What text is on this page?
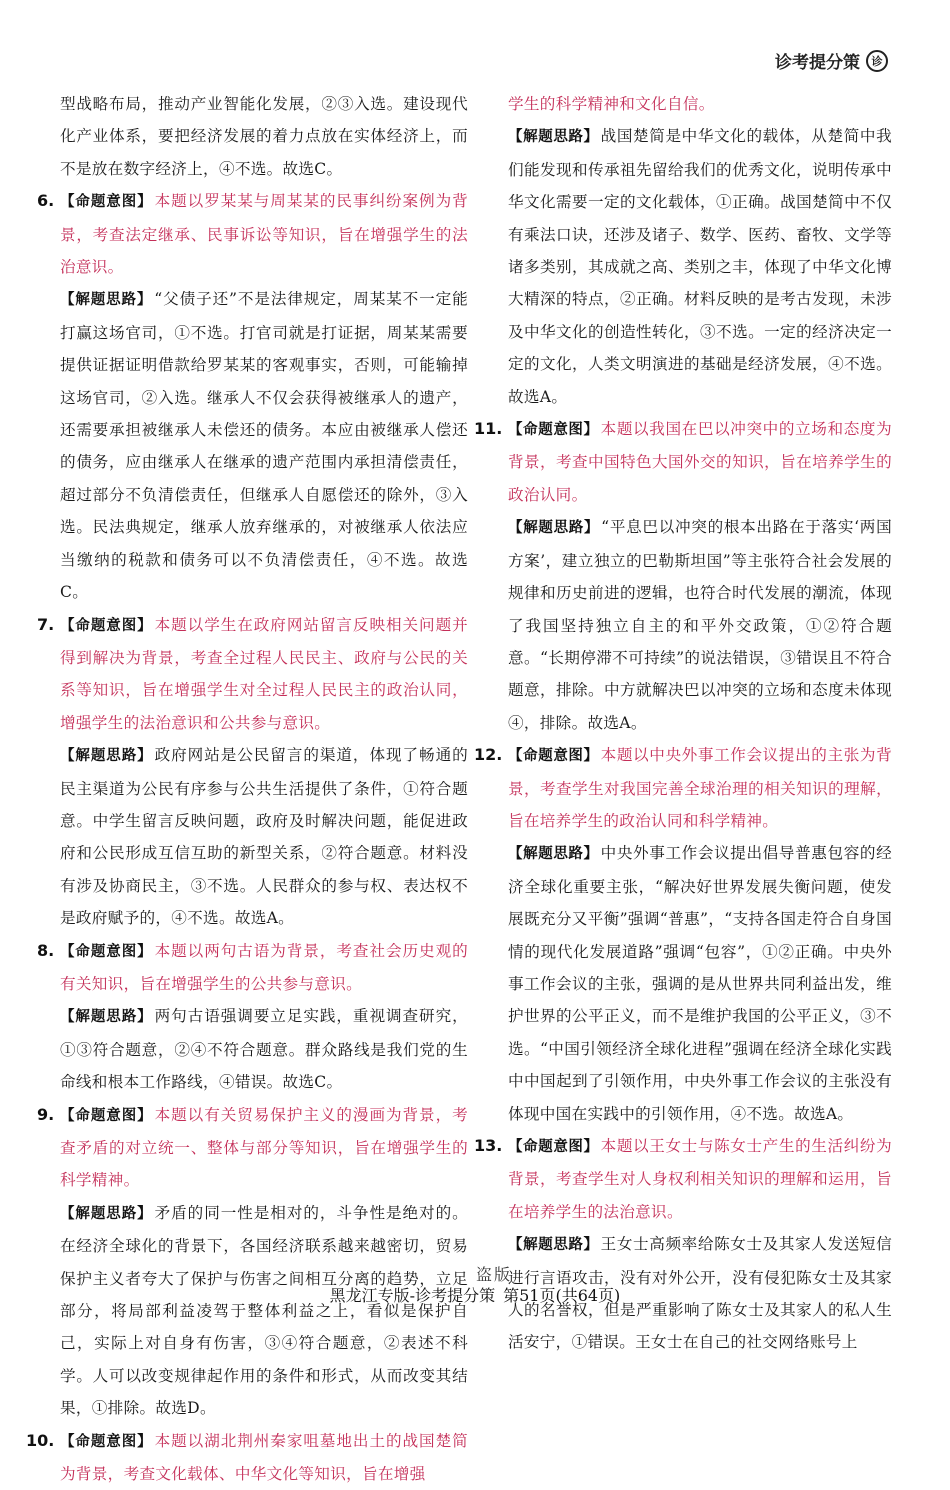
诊考提分策	诊

型战略布局，推动产业智能化发展，②③入选。建设现代化产业体系，要把经济发展的着力点放在实体经济上，而不是放在数字经济上，④不选。故选C。

6. 【命题意图】 本题以罗某某与周某某的民事纠纷案例为背景，考查法定继承、民事诉讼等知识，旨在增强学生的法治意识。

【解题思路】 “父债子还”不是法律规定，周某某不一定能打赢这场官司，①不选。打官司就是打证据，周某某需要提供证据证明借款给罗某某的客观事实，否则，可能输掉这场官司，②入选。继承人不仅会获得被继承人的遗产，还需要承担被继承人未偿还的债务。本应由被继承人偿还的债务，应由继承人在继承的遗产范围内承担清偿责任，超过部分不负清偿责任，但继承人自愿偿还的除外，③入选。民法典规定，继承人放弃继承的，对被继承人依法应当缴纳的税款和债务可以不负清偿责任，④不选。故选C。

7. 【命题意图】 本题以学生在政府网站留言反映相关问题并得到解决为背景，考查全过程人民民主、政府与公民的关系等知识，旨在增强学生对全过程人民民主的政治认同，增强学生的法治意识和公共参与意识。

【解题思路】 政府网站是公民留言的渠道，体现了畅通的民主渠道为公民有序参与公共生活提供了条件，①符合题意。中学生留言反映问题，政府及时解决问题，能促进政府和公民形成互信互助的新型关系，②符合题意。材料没有涉及协商民主，③不选。人民群众的参与权、表达权不是政府赋予的，④不选。故选A。

8. 【命题意图】 本题以两句古语为背景，考查社会历史观的有关知识，旨在增强学生的公共参与意识。

【解题思路】 两句古语强调要立足实践，重视调查研究，①③符合题意，②④不符合题意。群众路线是我们党的生命线和根本工作路线，④错误。故选C。

9. 【命题意图】 本题以有关贸易保护主义的漫画为背景，考查矛盾的对立统一、整体与部分等知识，旨在增强学生的科学精神。

【解题思路】 矛盾的同一性是相对的，斗争性是绝对的。在经济全球化的背景下，各国经济联系越来越密切，贸易保护主义者夸大了保护与伤害之间相互分离的趋势，立足部分，将局部利益凌驾于整体利益之上，看似是保护自己，实际上对自身有伤害，③④符合题意，②表述不科学。人可以改变规律起作用的条件和形式，从而改变其结果，①排除。故选D。

10. 【命题意图】 本题以湖北荆州秦家咀墓地出土的战国楚简为背景，考查文化载体、中华文化等知识，旨在增强

学生的科学精神和文化自信。

【解题思路】 战国楚简是中华文化的载体，从楚简中我们能发现和传承祖先留给我们的优秀文化，说明传承中华文化需要一定的文化载体，①正确。战国楚简中不仅有乘法口诀，还涉及诸子、数学、医药、畜牧、文学等诸多类别，其成就之高、类别之丰，体现了中华文化博大精深的特点，②正确。材料反映的是考古发现，未涉及中华文化的创造性转化，③不选。一定的经济决定一定的文化，人类文明演进的基础是经济发展，④不选。故选A。

11. 【命题意图】 本题以我国在巴以冲突中的立场和态度为背景，考查中国特色大国外交的知识，旨在培养学生的政治认同。

【解题思路】 “平息巴以冲突的根本出路在于落实‘两国方案’，建立独立的巴勒斯坦国”等主张符合社会发展的规律和历史前进的逻辑，也符合时代发展的潮流，体现了我国坚持独立自主的和平外交政策，①②符合题意。“长期停滞不可持续”的说法错误，③错误且不符合题意，排除。中方就解决巴以冲突的立场和态度未体现④，排除。故选A。

12. 【命题意图】 本题以中央外事工作会议提出的主张为背景，考查学生对我国完善全球治理的相关知识的理解，旨在培养学生的政治认同和科学精神。

【解题思路】 中央外事工作会议提出倡导普惠包容的经济全球化重要主张，“解决好世界发展失衡问题，使发展既充分又平衡”强调“普惠”，“支持各国走符合自身国情的现代化发展道路”强调“包容”，①②正确。中央外事工作会议的主张，强调的是从世界共同利益出发，维护世界的公平正义，而不是维护我国的公平正义，③不选。“中国引领经济全球化进程”强调在经济全球化实践中中国起到了引领作用，中央外事工作会议的主张没有体现中国在实践中的引领作用，④不选。故选A。

13. 【命题意图】 本题以王女士与陈女士产生的生活纠纷为背景，考查学生对人身权利相关知识的理解和运用，旨在培养学生的法治意识。

【解题思路】 王女士高频率给陈女士及其家人发送短信进行言语攻击，没有对外公开，没有侵犯陈女士及其家人的名誉权，但是严重影响了陈女士及其家人的私人生活安宁，①错误。王女士在自己的社交网络账号上

盗版
黑龙江专版-诊考提分策 第51页(共64页)
